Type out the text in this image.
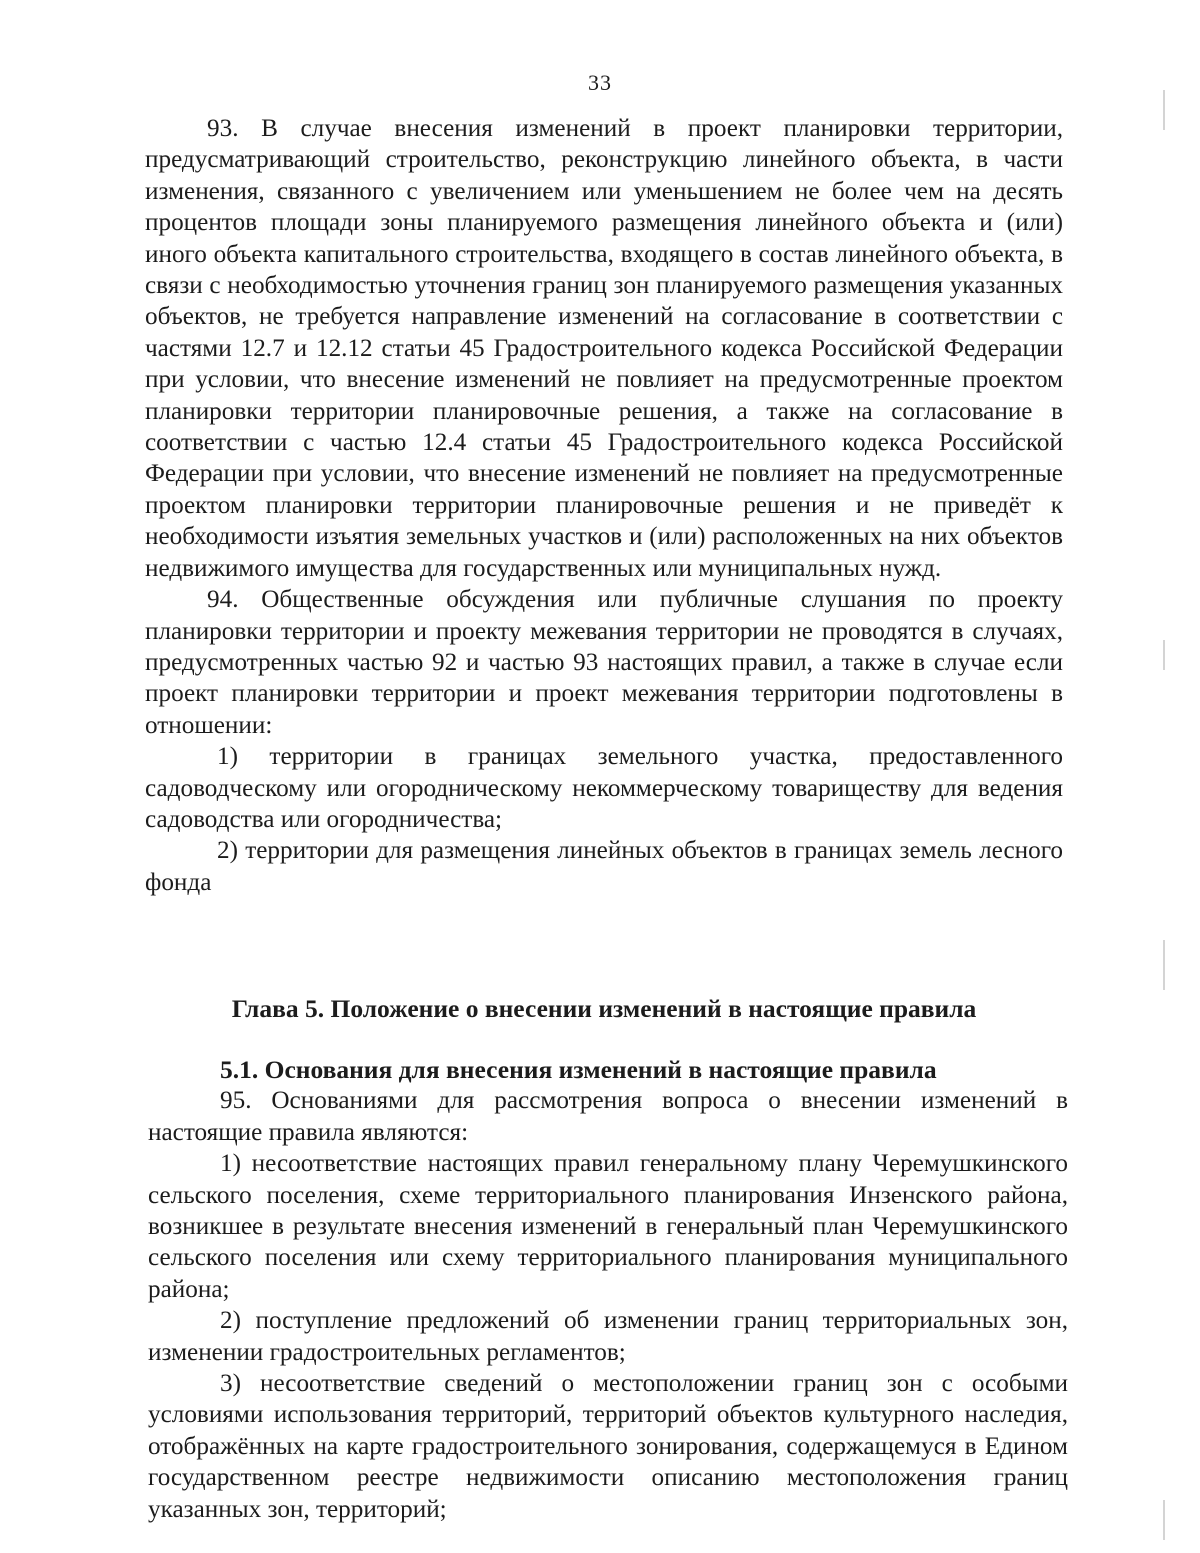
33

93. В случае внесения изменений в проект планировки территории, предусматривающий строительство, реконструкцию линейного объекта, в части изменения, связанного с увеличением или уменьшением не более чем на десять процентов площади зоны планируемого размещения линейного объекта и (или) иного объекта капитального строительства, входящего в состав линейного объекта, в связи с необходимостью уточнения границ зон планируемого размещения указанных объектов, не требуется направление изменений на согласование в соответствии с частями 12.7 и 12.12 статьи 45 Градостроительного кодекса Российской Федерации при условии, что внесение изменений не повлияет на предусмотренные проектом планировки территории планировочные решения, а также на согласование в соответствии с частью 12.4 статьи 45 Градостроительного кодекса Российской Федерации при условии, что внесение изменений не повлияет на предусмотренные проектом планировки территории планировочные решения и не приведёт к необходимости изъятия земельных участков и (или) расположенных на них объектов недвижимого имущества для государственных или муниципальных нужд.

94. Общественные обсуждения или публичные слушания по проекту планировки территории и проекту межевания территории не проводятся в случаях, предусмотренных частью 92 и частью 93 настоящих правил, а также в случае если проект планировки территории и проект межевания территории подготовлены в отношении:

1) территории в границах земельного участка, предоставленного садоводческому или огородническому некоммерческому товариществу для ведения садоводства или огородничества;

2) территории для размещения линейных объектов в границах земель лесного фонда

Глава 5. Положение о внесении изменений в настоящие правила

5.1. Основания для внесения изменений в настоящие правила

95. Основаниями для рассмотрения вопроса о внесении изменений в настоящие правила являются:

1) несоответствие настоящих правил генеральному плану Черемушкинского сельского поселения, схеме территориального планирования Инзенского района, возникшее в результате внесения изменений в генеральный план Черемушкинского сельского поселения или схему территориального планирования муниципального района;

2) поступление предложений об изменении границ территориальных зон, изменении градостроительных регламентов;

3) несоответствие сведений о местоположении границ зон с особыми условиями использования территорий, территорий объектов культурного наследия, отображённых на карте градостроительного зонирования, содержащемуся в Едином государственном реестре недвижимости описанию местоположения границ указанных зон, территорий;
